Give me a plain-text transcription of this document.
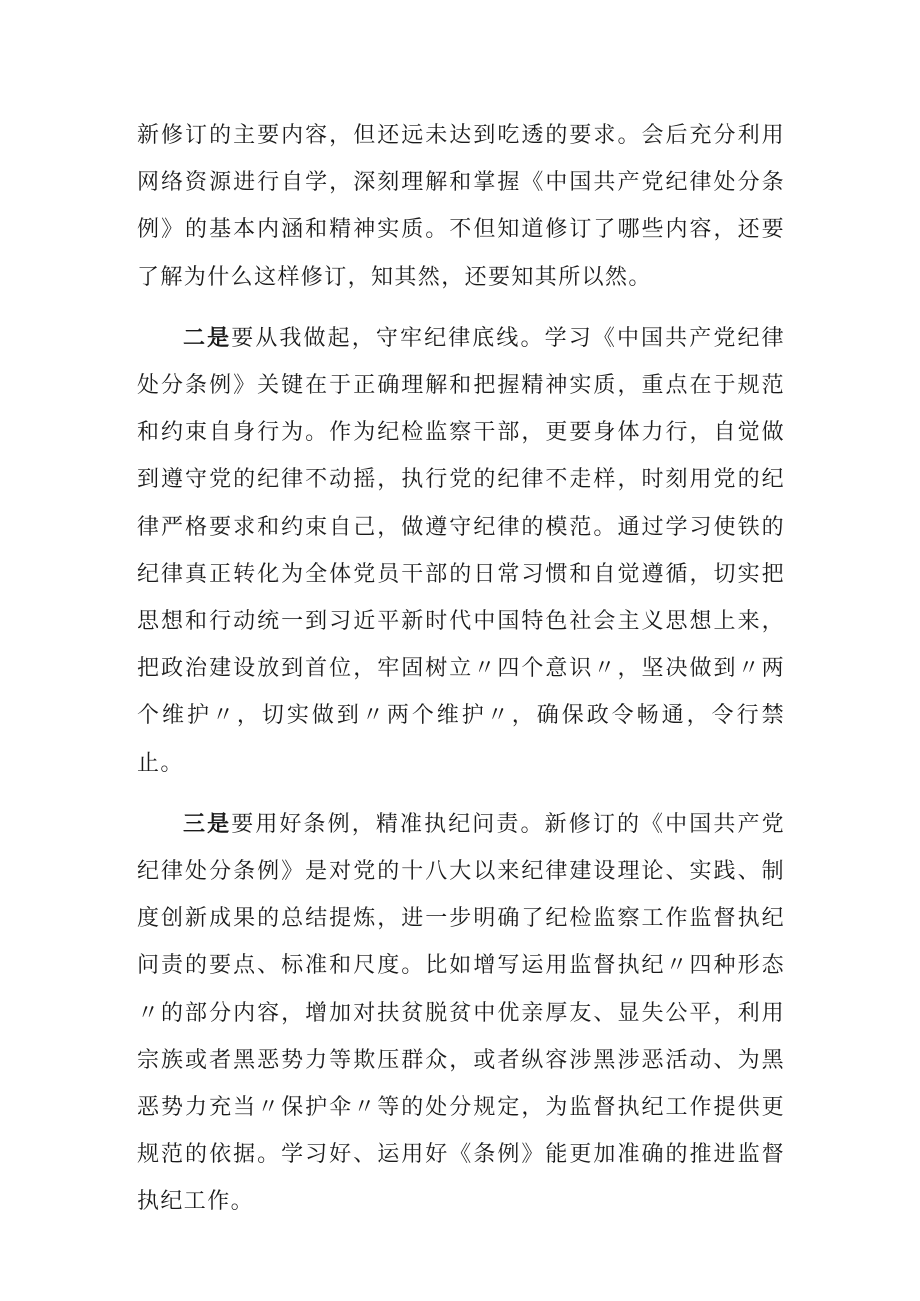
新修订的主要内容，但还远未达到吃透的要求。会后充分利用网络资源进行自学，深刻理解和掌握《中国共产党纪律处分条例》的基本内涵和精神实质。不但知道修订了哪些内容，还要了解为什么这样修订，知其然，还要知其所以然。

二是要从我做起，守牢纪律底线。学习《中国共产党纪律处分条例》关键在于正确理解和把握精神实质，重点在于规范和约束自身行为。作为纪检监察干部，更要身体力行，自觉做到遵守党的纪律不动摇，执行党的纪律不走样，时刻用党的纪律严格要求和约束自己，做遵守纪律的模范。通过学习使铁的纪律真正转化为全体党员干部的日常习惯和自觉遵循，切实把思想和行动统一到习近平新时代中国特色社会主义思想上来，把政治建设放到首位，牢固树立〃四个意识〃，坚决做到〃两个维护〃，切实做到〃两个维护〃，确保政令畅通，令行禁止。

三是要用好条例，精准执纪问责。新修订的《中国共产党纪律处分条例》是对党的十八大以来纪律建设理论、实践、制度创新成果的总结提炼，进一步明确了纪检监察工作监督执纪问责的要点、标准和尺度。比如增写运用监督执纪〃四种形态〃的部分内容，增加对扶贫脱贫中优亲厚友、显失公平，利用宗族或者黑恶势力等欺压群众，或者纵容涉黑涉恶活动、为黑恶势力充当〃保护伞〃等的处分规定，为监督执纪工作提供更规范的依据。学习好、运用好《条例》能更加准确的推进监督执纪工作。
